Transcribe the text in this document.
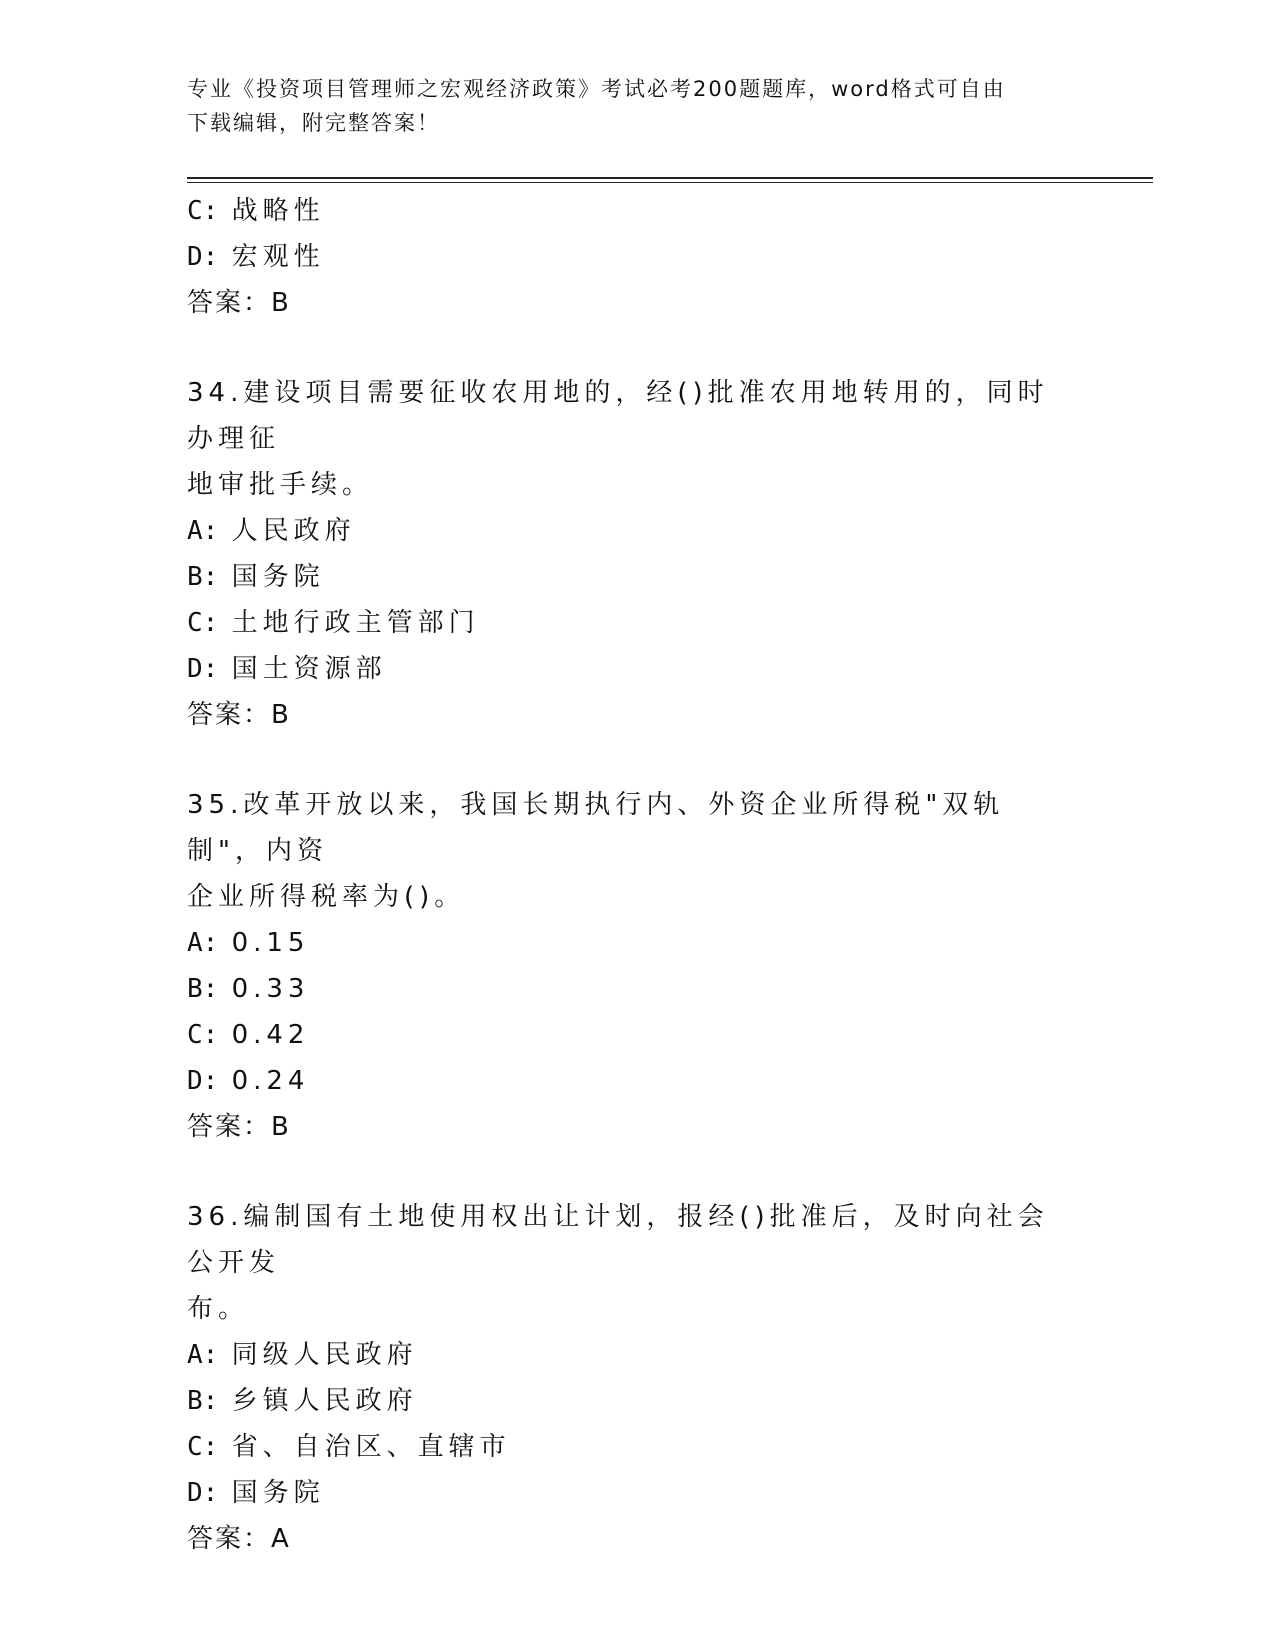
专业《投资项目管理师之宏观经济政策》考试必考200题题库，word格式可自由
下载编辑，附完整答案！
C: 战略性
D: 宏观性
答案：B
34.建设项目需要征收农用地的，经()批准农用地转用的，同时办理征
地审批手续。
A: 人民政府
B: 国务院
C: 土地行政主管部门
D: 国土资源部
答案：B
35.改革开放以来，我国长期执行内、外资企业所得税"双轨制"，内资
企业所得税率为()。
A: 0.15
B: 0.33
C: 0.42
D: 0.24
答案：B
36.编制国有土地使用权出让计划，报经()批准后，及时向社会公开发
布。
A: 同级人民政府
B: 乡镇人民政府
C: 省、自治区、直辖市
D: 国务院
答案：A
